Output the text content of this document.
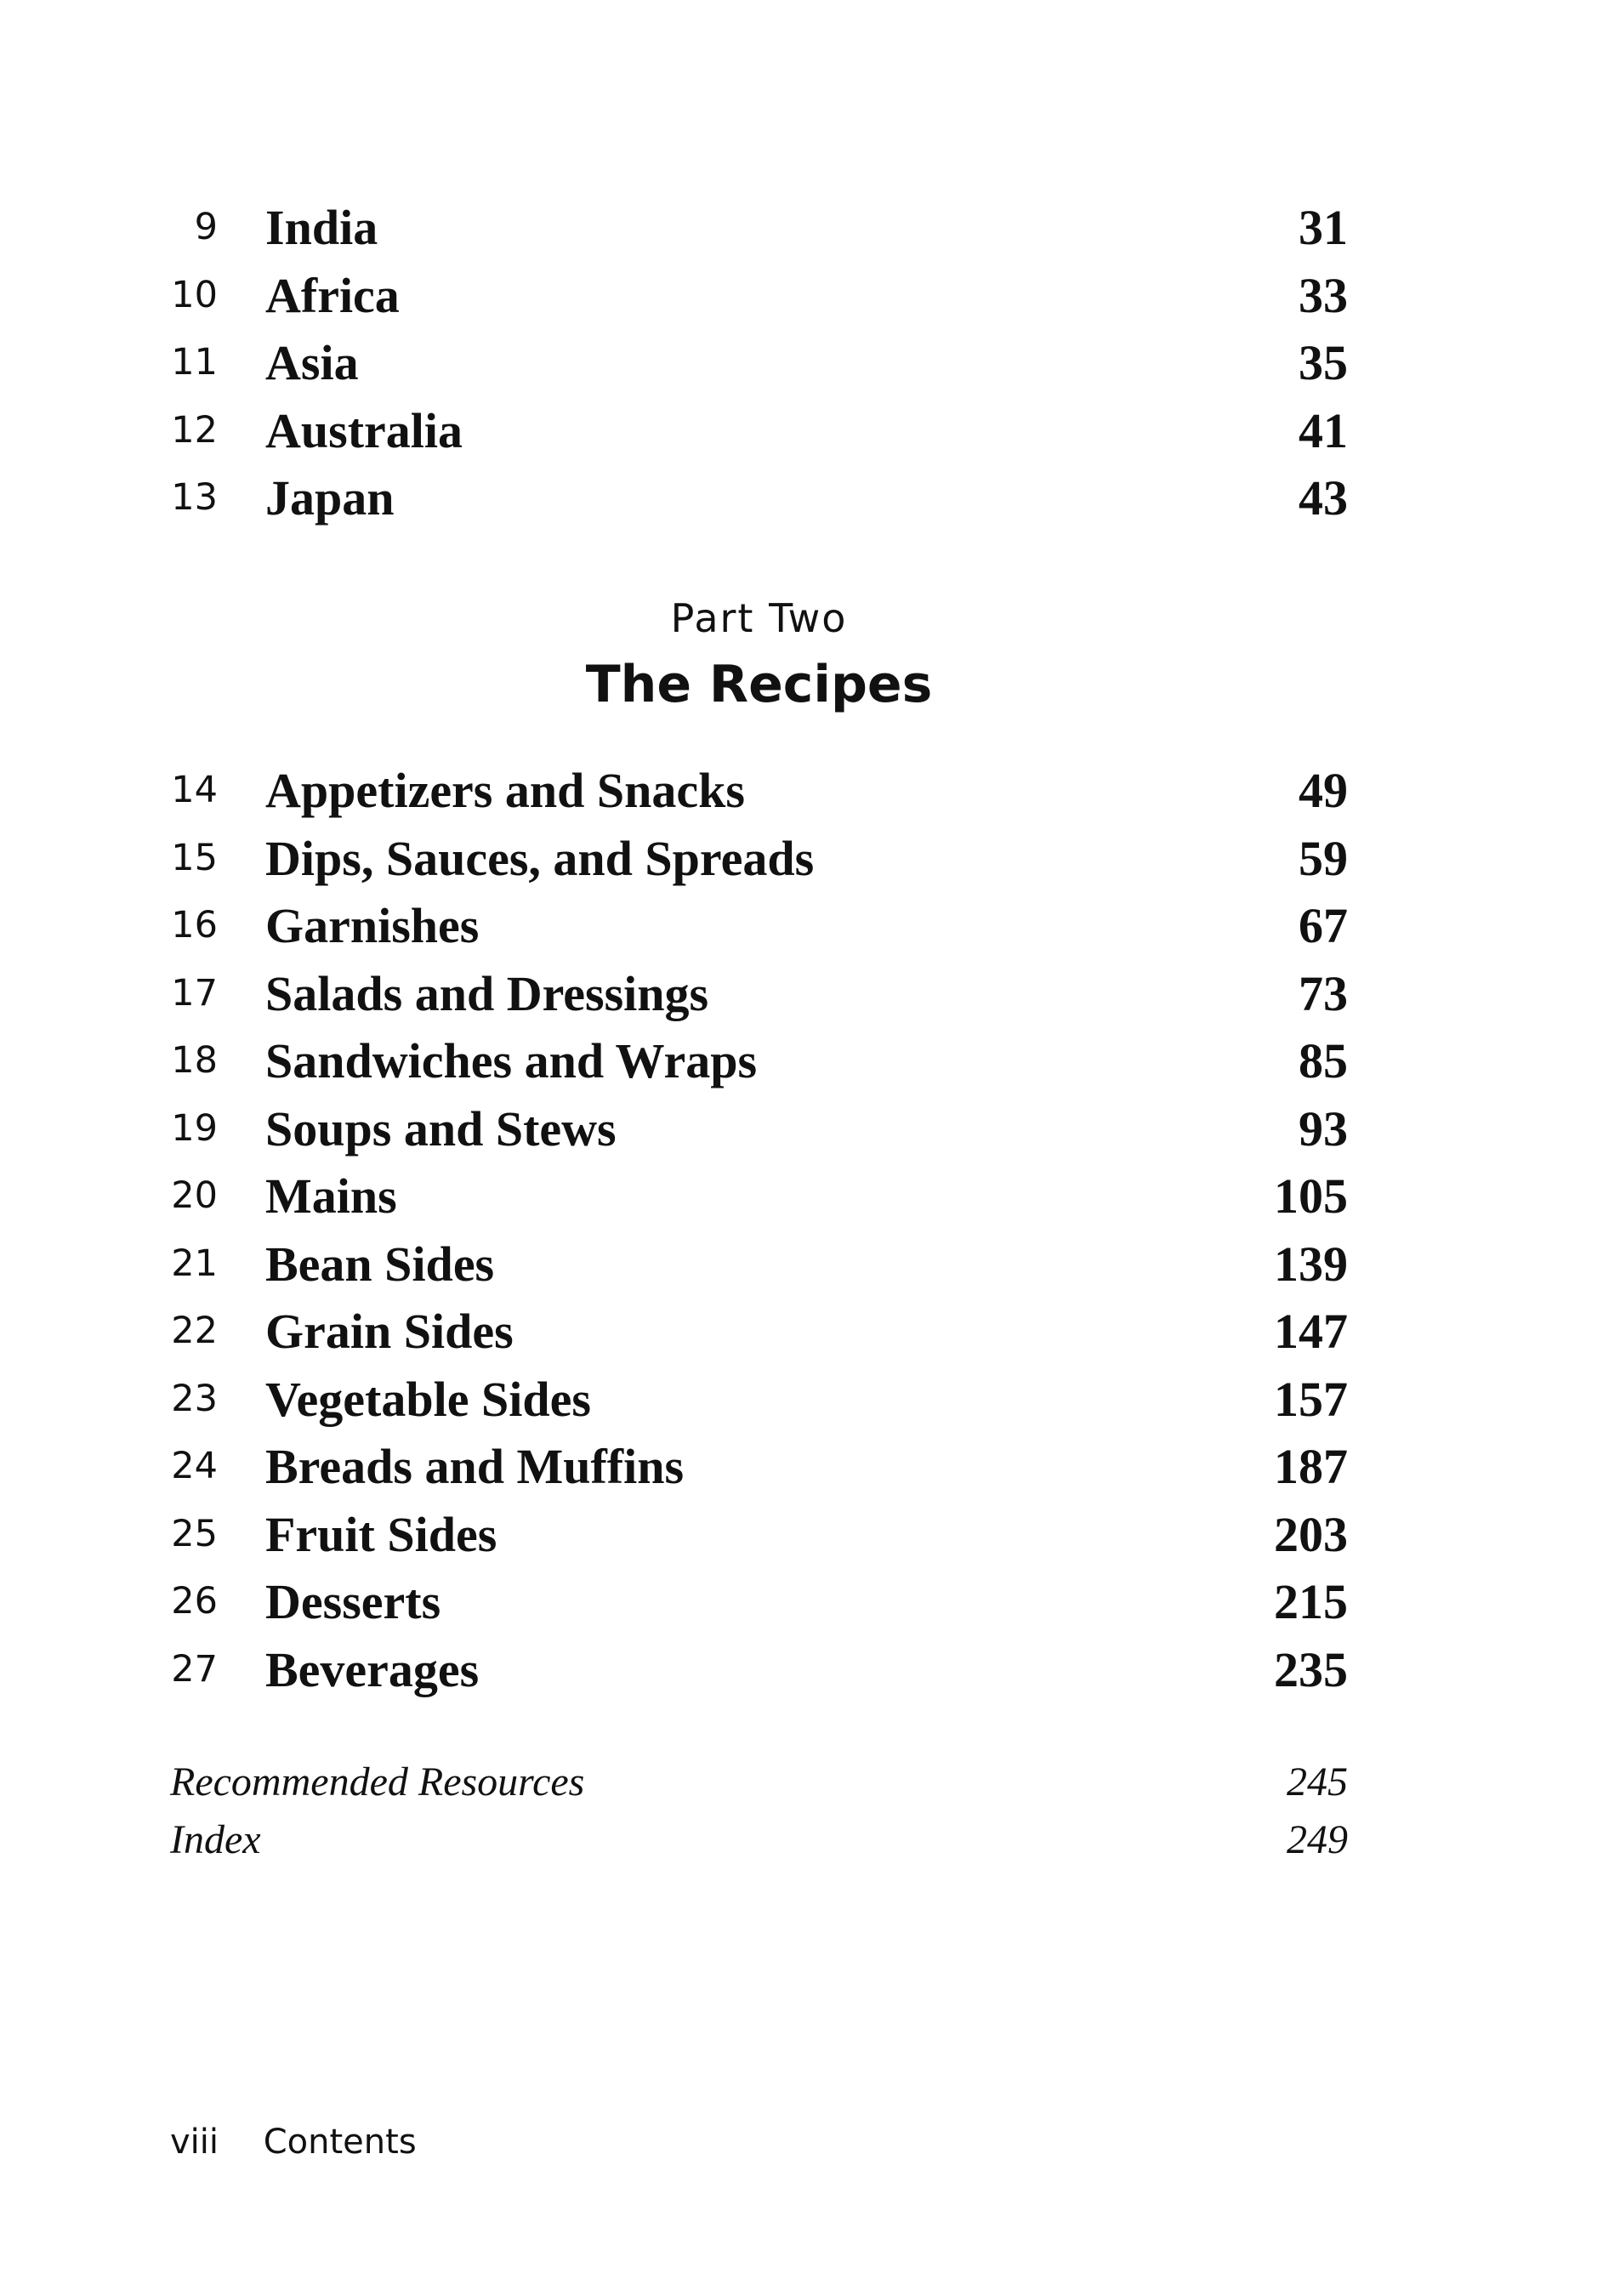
9 India	31
10 Africa	33
11 Asia	35
12 Australia	41
13 Japan	43
Part Two
The Recipes
14 Appetizers and Snacks	49
15 Dips, Sauces, and Spreads	59
16 Garnishes	67
17 Salads and Dressings	73
18 Sandwiches and Wraps	85
19 Soups and Stews	93
20 Mains	105
21 Bean Sides	139
22 Grain Sides	147
23 Vegetable Sides	157
24 Breads and Muffins	187
25 Fruit Sides	203
26 Desserts	215
27 Beverages	235
Recommended Resources	245
Index	249
viii Contents
